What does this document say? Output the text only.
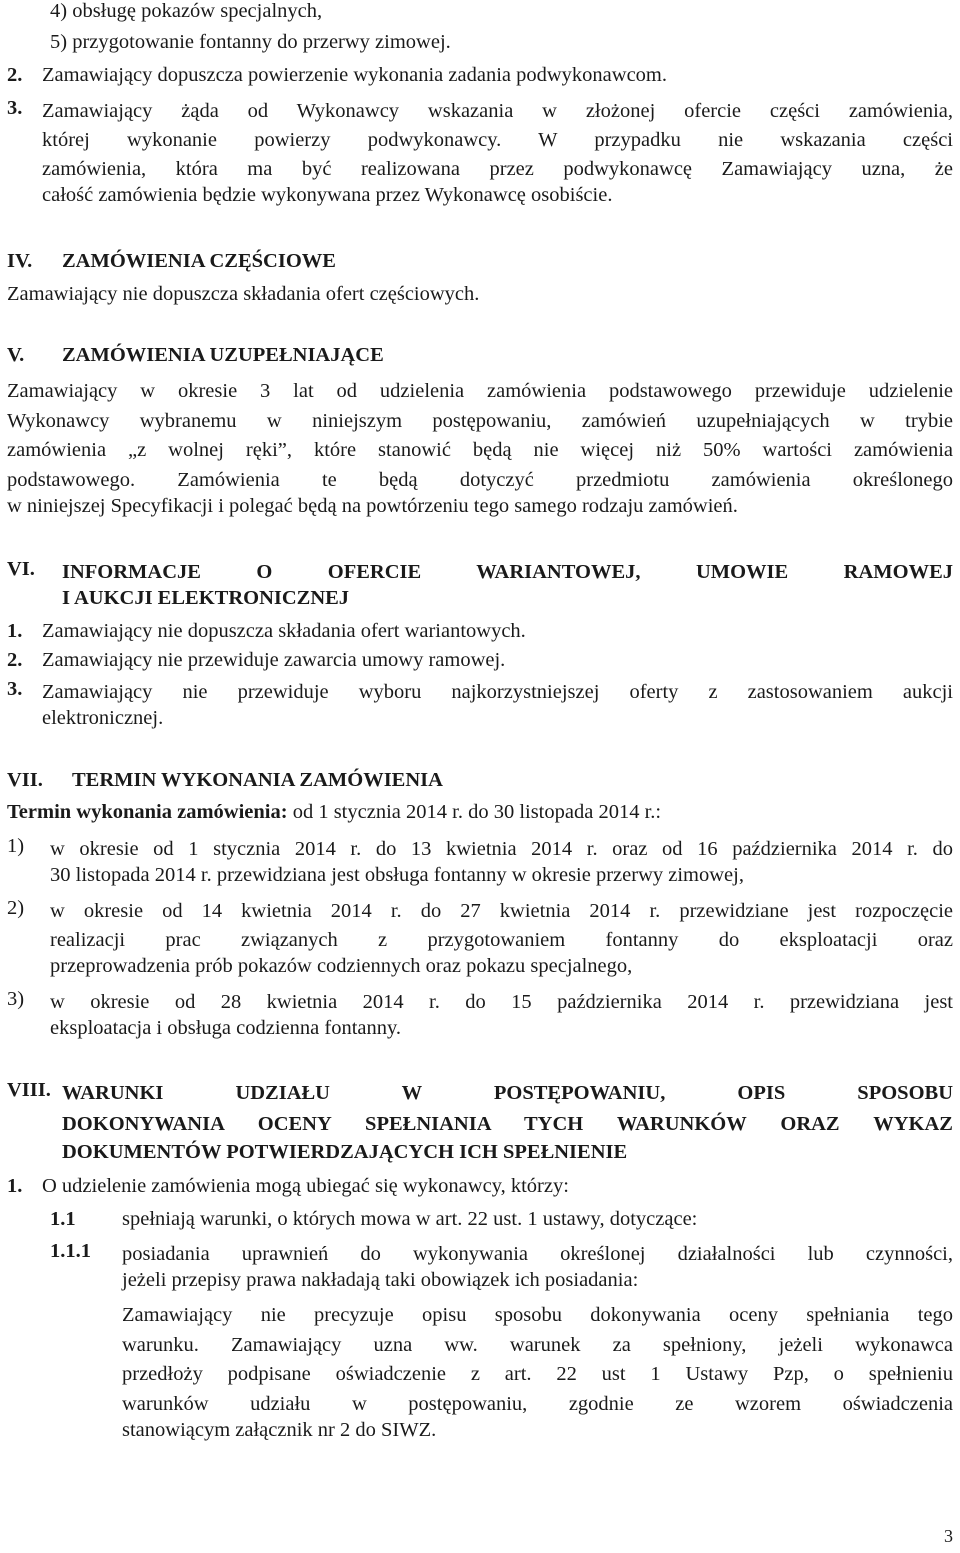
4) obsługę pokazów specjalnych,
5) przygotowanie fontanny do przerwy zimowej.
2. Zamawiający dopuszcza powierzenie wykonania zadania podwykonawcom.
3. Zamawiający żąda od Wykonawcy wskazania w złożonej ofercie części zamówienia,
której wykonanie powierzy podwykonawcy. W przypadku nie wskazania części
zamówienia, która ma być realizowana przez podwykonawcę Zamawiający uzna, że
całość zamówienia będzie wykonywana przez Wykonawcę osobiście.
IV. ZAMÓWIENIA CZĘŚCIOWE
Zamawiający nie dopuszcza składania ofert częściowych.
V. ZAMÓWIENIA UZUPEŁNIAJĄCE
Zamawiający w okresie 3 lat od udzielenia zamówienia podstawowego przewiduje udzielenie
Wykonawcy wybranemu w niniejszym postępowaniu, zamówień uzupełniających w trybie
zamówienia „z wolnej ręki”, które stanowić będą nie więcej niż 50% wartości zamówienia
podstawowego. Zamówienia te będą dotyczyć przedmiotu zamówienia określonego
w niniejszej Specyfikacji i polegać będą na powtórzeniu tego samego rodzaju zamówień.
VI. INFORMACJE O OFERCIE WARIANTOWEJ, UMOWIE RAMOWEJ
I AUKCJI ELEKTRONICZNEJ
1. Zamawiający nie dopuszcza składania ofert wariantowych.
2. Zamawiający nie przewiduje zawarcia umowy ramowej.
3. Zamawiający nie przewiduje wyboru najkorzystniejszej oferty z zastosowaniem aukcji
elektronicznej.
VII. TERMIN WYKONANIA ZAMÓWIENIA
Termin wykonania zamówienia: od 1 stycznia 2014 r. do 30 listopada 2014 r.:
1) w okresie od 1 stycznia 2014 r. do 13 kwietnia 2014 r. oraz od 16 października 2014 r. do
30 listopada 2014 r. przewidziana jest obsługa fontanny w okresie przerwy zimowej,
2) w okresie od 14 kwietnia 2014 r. do 27 kwietnia 2014 r. przewidziane jest rozpoczęcie
realizacji prac związanych z przygotowaniem fontanny do eksploatacji oraz
przeprowadzenia prób pokazów codziennych oraz pokazu specjalnego,
3) w okresie od 28 kwietnia 2014 r. do 15 października 2014 r. przewidziana jest
eksploatacja i obsługa codzienna fontanny.
VIII. WARUNKI UDZIAŁU W POSTĘPOWANIU, OPIS SPOSOBU
DOKONYWANIA OCENY SPEŁNIANIA TYCH WARUNKÓW ORAZ WYKAZ
DOKUMENTÓW POTWIERDZAJĄCYCH ICH SPEŁNIENIE
1. O udzielenie zamówienia mogą ubiegać się wykonawcy, którzy:
1.1 spełniają warunki, o których mowa w art. 22 ust. 1 ustawy, dotyczące:
1.1.1 posiadania uprawnień do wykonywania określonej działalności lub czynności,
jeżeli przepisy prawa nakładają taki obowiązek ich posiadania:
Zamawiający nie precyzuje opisu sposobu dokonywania oceny spełniania tego
warunku. Zamawiający uzna ww. warunek za spełniony, jeżeli wykonawca
przedłoży podpisane oświadczenie z art. 22 ust 1 Ustawy Pzp, o spełnieniu
warunków udziału w postępowaniu, zgodnie ze wzorem oświadczenia
stanowiącym załącznik nr 2 do SIWZ.
3
